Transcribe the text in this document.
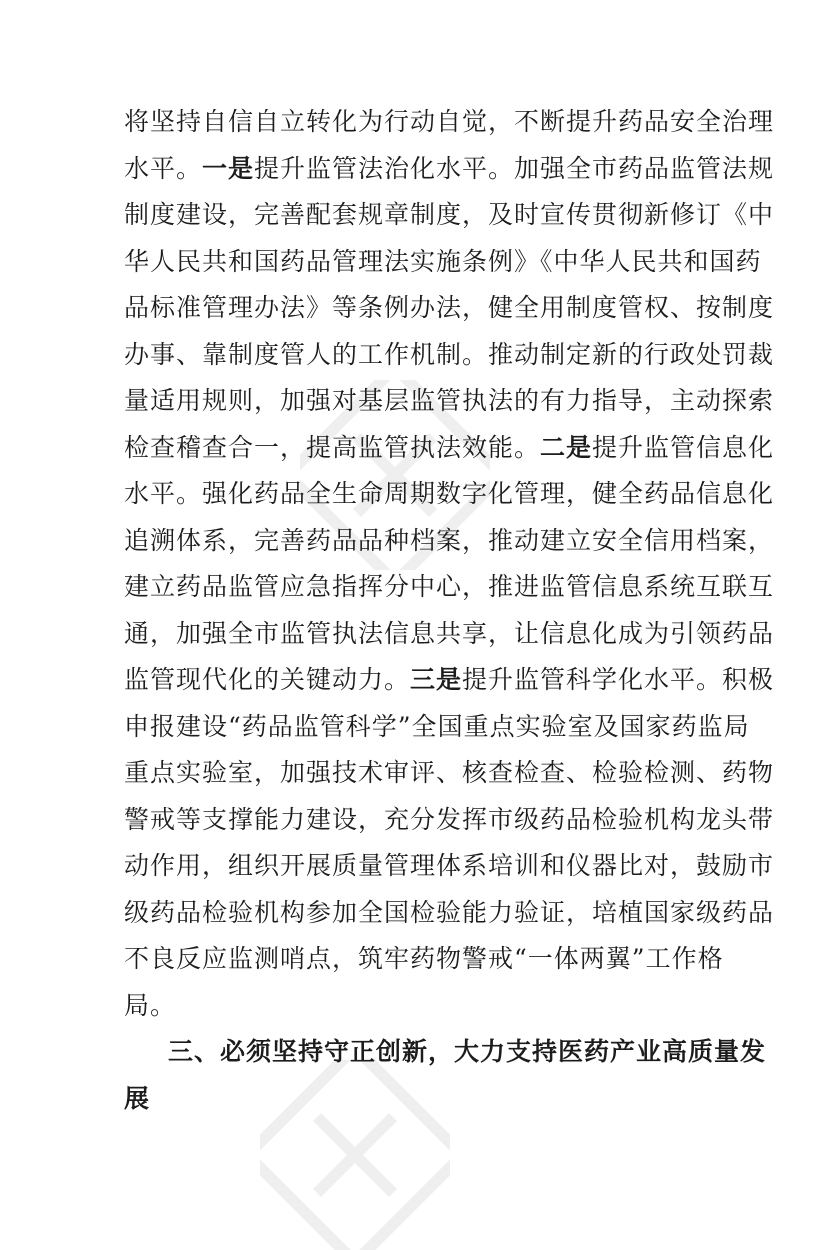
将坚持自信自立转化为行动自觉，不断提升药品安全治理
水平。一是提升监管法治化水平。加强全市药品监管法规
制度建设，完善配套规章制度，及时宣传贯彻新修订《中
华人民共和国药品管理法实施条例》《中华人民共和国药
品标准管理办法》等条例办法，健全用制度管权、按制度
办事、靠制度管人的工作机制。推动制定新的行政处罚裁
量适用规则，加强对基层监管执法的有力指导，主动探索
检查稽查合一，提高监管执法效能。二是提升监管信息化
水平。强化药品全生命周期数字化管理，健全药品信息化
追溯体系，完善药品品种档案，推动建立安全信用档案，
建立药品监管应急指挥分中心，推进监管信息系统互联互
通，加强全市监管执法信息共享，让信息化成为引领药品
监管现代化的关键动力。三是提升监管科学化水平。积极
申报建设“药品监管科学”全国重点实验室及国家药监局
重点实验室，加强技术审评、核查检查、检验检测、药物
警戒等支撑能力建设，充分发挥市级药品检验机构龙头带
动作用，组织开展质量管理体系培训和仪器比对，鼓励市
级药品检验机构参加全国检验能力验证，培植国家级药品
不良反应监测哨点，筑牢药物警戒“一体两翼”工作格
局。
三、必须坚持守正创新，大力支持医药产业高质量发
展
